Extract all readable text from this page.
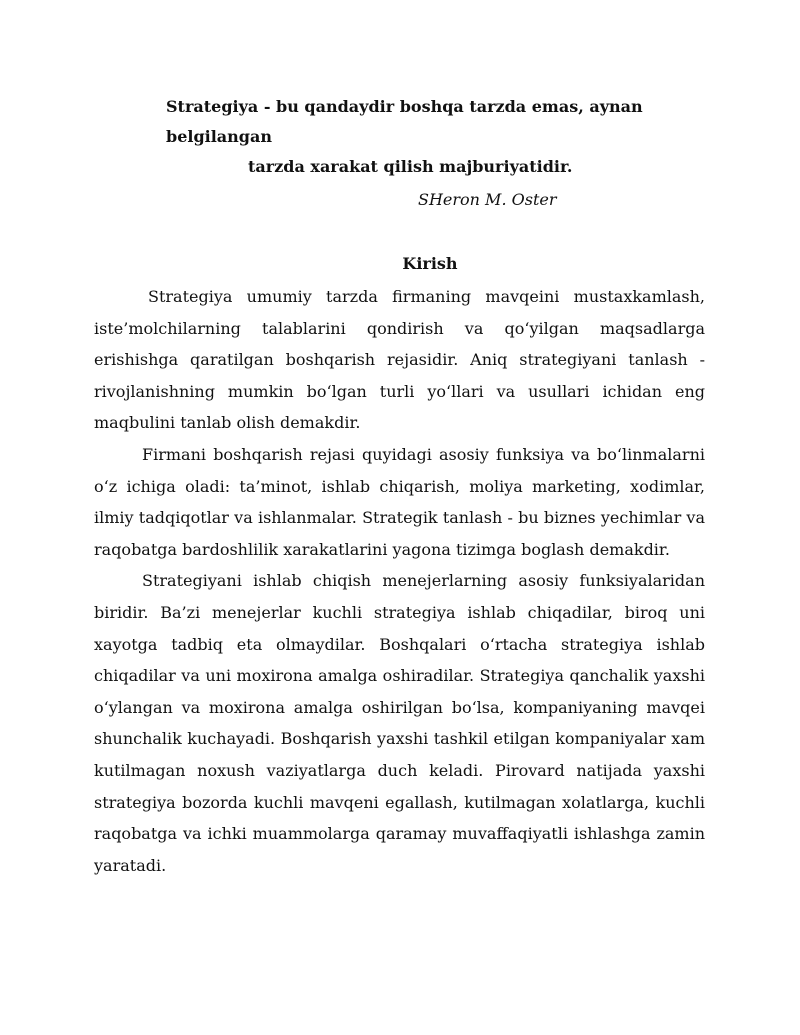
Strategiya - bu qandaydir boshqa tarzda emas, aynan belgilangan
tarzda xarakat qilish majburiyatidir.
SHeron M. Oster
Kirish

Strategiya umumiy tarzda firmaning mavqeini mustaxkamlash, iste’molchilarning talablarini qondirish va qo‘yilgan maqsadlarga erishishga qaratilgan boshqarish rejasidir. Aniq strategiyani tanlash - rivojlanishning mumkin bo‘lgan turli yo‘llari va usullari ichidan eng maqbulini tanlab olish demakdir.

Firmani boshqarish rejasi quyidagi asosiy funksiya va bo‘linmalarni o‘z ichiga oladi: ta’minot, ishlab chiqarish, moliya marketing, xodimlar, ilmiy tadqiqotlar va ishlanmalar. Strategik tanlash - bu biznes yechimlar va raqobatga bardoshlilik xarakatlarini yagona tizimga boglash demakdir.

Strategiyani ishlab chiqish menejerlarning asosiy funksiyalaridan biridir. Ba’zi menejerlar kuchli strategiya ishlab chiqadilar, biroq uni xayotga tadbiq eta olmaydilar. Boshqalari o‘rtacha strategiya ishlab chiqadilar va uni moxirona amalga oshiradilar. Strategiya qanchalik yaxshi o‘ylangan va moxirona amalga oshirilgan bo‘lsa, kompaniyaning mavqei shunchalik kuchayadi. Boshqarish yaxshi tashkil etilgan kompaniyalar xam kutilmagan noxush vaziyatlarga duch keladi. Pirovard natijada yaxshi strategiya bozorda kuchli mavqeni egallash, kutilmagan xolatlarga, kuchli raqobatga va ichki muammolarga qaramay muvaffaqiyatli ishlashga zamin yaratadi.
